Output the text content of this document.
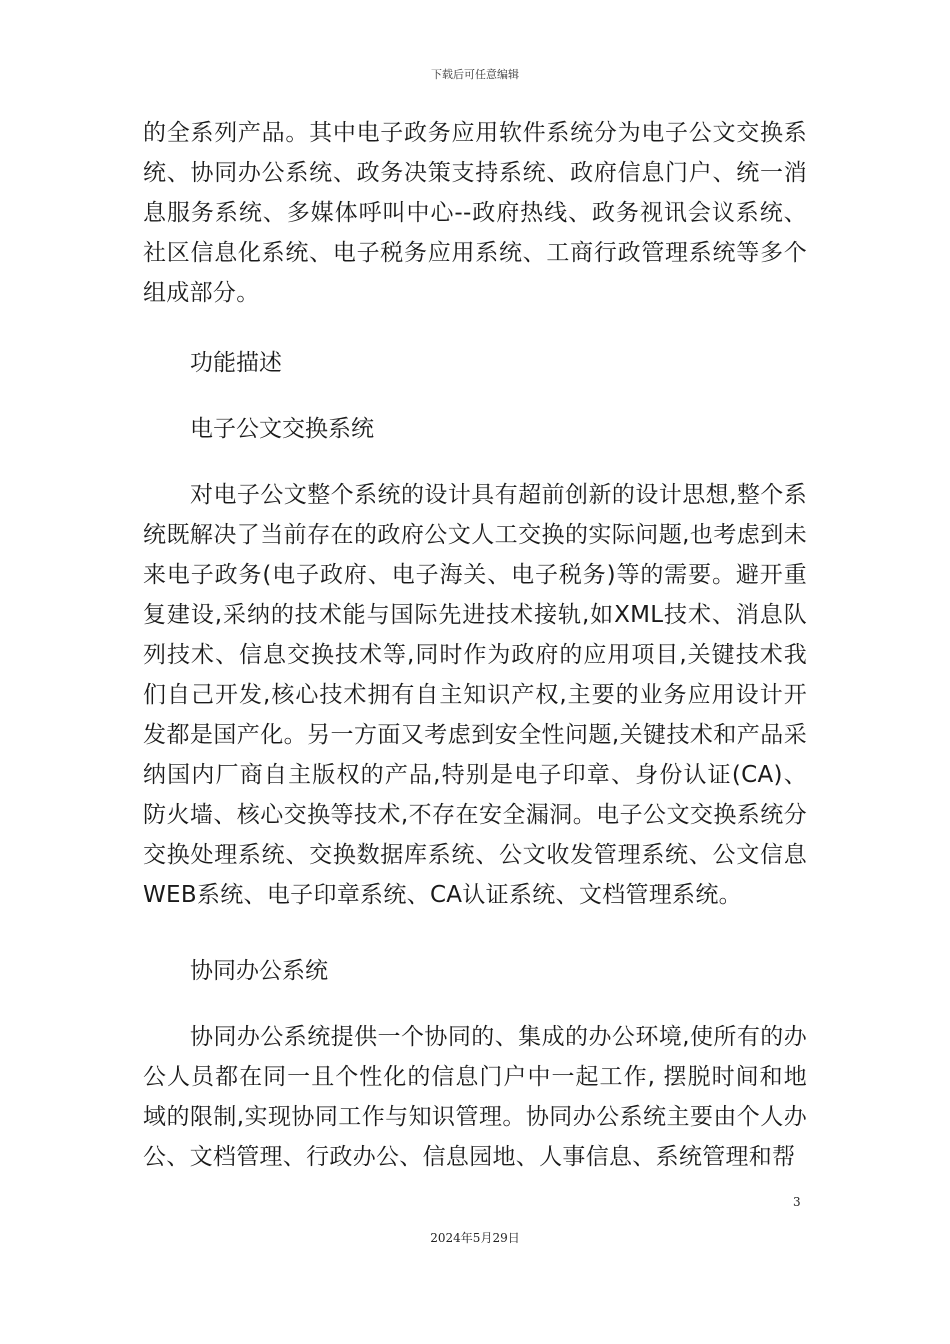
下载后可任意编辑

的全系列产品。其中电子政务应用软件系统分为电子公文交换系统、协同办公系统、政务决策支持系统、政府信息门户、统一消息服务系统、多媒体呼叫中心--政府热线、政务视讯会议系统、社区信息化系统、电子税务应用系统、工商行政管理系统等多个组成部分。

功能描述

电子公文交换系统

对电子公文整个系统的设计具有超前创新的设计思想,整个系统既解决了当前存在的政府公文人工交换的实际问题,也考虑到未来电子政务(电子政府、电子海关、电子税务)等的需要。避开重复建设,采纳的技术能与国际先进技术接轨,如XML技术、消息队列技术、信息交换技术等,同时作为政府的应用项目,关键技术我们自己开发,核心技术拥有自主知识产权,主要的业务应用设计开发都是国产化。另一方面又考虑到安全性问题,关键技术和产品采纳国内厂商自主版权的产品,特别是电子印章、身份认证(CA)、防火墙、核心交换等技术,不存在安全漏洞。电子公文交换系统分交换处理系统、交换数据库系统、公文收发管理系统、公文信息WEB系统、电子印章系统、CA认证系统、文档管理系统。

协同办公系统

协同办公系统提供一个协同的、集成的办公环境,使所有的办公人员都在同一且个性化的信息门户中一起工作, 摆脱时间和地域的限制,实现协同工作与知识管理。协同办公系统主要由个人办公、文档管理、行政办公、信息园地、人事信息、系统管理和帮

3
2024年5月29日
